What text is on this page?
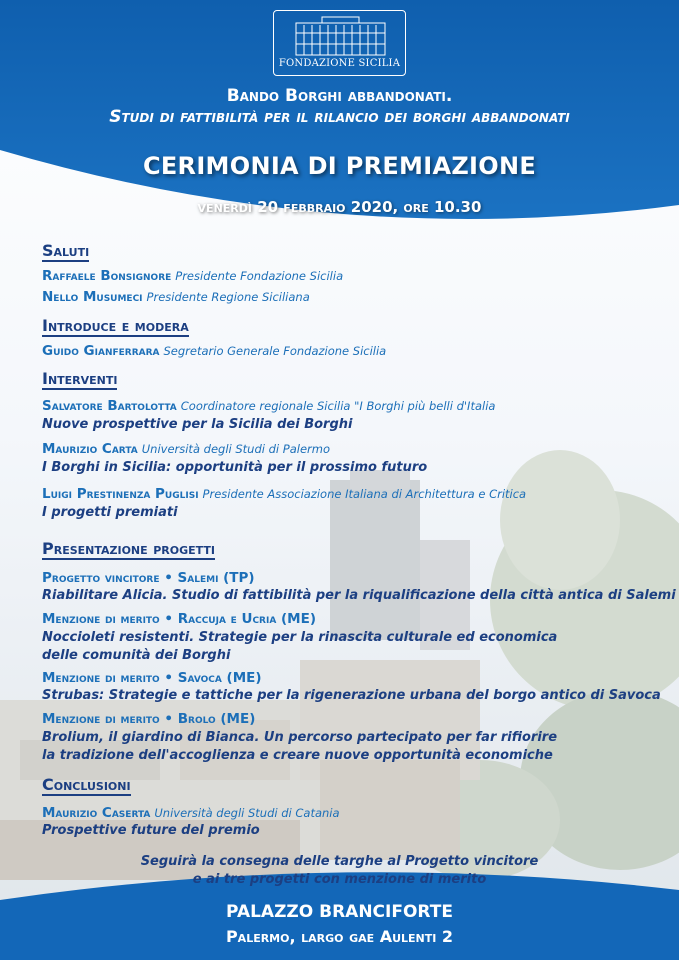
FONDAZIONE SICILIA
Bando Borghi abbandonati.
Studi di fattibilità per il rilancio dei borghi abbandonati
CERIMONIA DI PREMIAZIONE
venerdì 20 febbraio 2020, ore 10.30
Saluti
Raffaele Bonsignore Presidente Fondazione Sicilia
Nello Musumeci Presidente Regione Siciliana
Introduce e modera
Guido Gianferrara Segretario Generale Fondazione Sicilia
Interventi
Salvatore Bartolotta Coordinatore regionale Sicilia "I Borghi più belli d'Italia
Nuove prospettive per la Sicilia dei Borghi
Maurizio Carta Università degli Studi di Palermo
I Borghi in Sicilia: opportunità per il prossimo futuro
Luigi Prestinenza Puglisi Presidente Associazione Italiana di Architettura e Critica
I progetti premiati
Presentazione progetti
Progetto vincitore • Salemi (TP)
Riabilitare Alicia. Studio di fattibilità per la riqualificazione della città antica di Salemi
Menzione di merito • Raccuja e Ucria (ME)
Noccioleti resistenti. Strategie per la rinascita culturale ed economica
delle comunità dei Borghi
Menzione di merito • Savoca (ME)
Strubas: Strategie e tattiche per la rigenerazione urbana del borgo antico di Savoca
Menzione di merito • Brolo (ME)
Brolium, il giardino di Bianca. Un percorso partecipato per far rifiorire
la tradizione dell'accoglienza e creare nuove opportunità economiche
Conclusioni
Maurizio Caserta Università degli Studi di Catania
Prospettive future del premio
Seguirà la consegna delle targhe al Progetto vincitore
e ai tre progetti con menzione di merito
PALAZZO BRANCIFORTE
Palermo, largo gae Aulenti 2
